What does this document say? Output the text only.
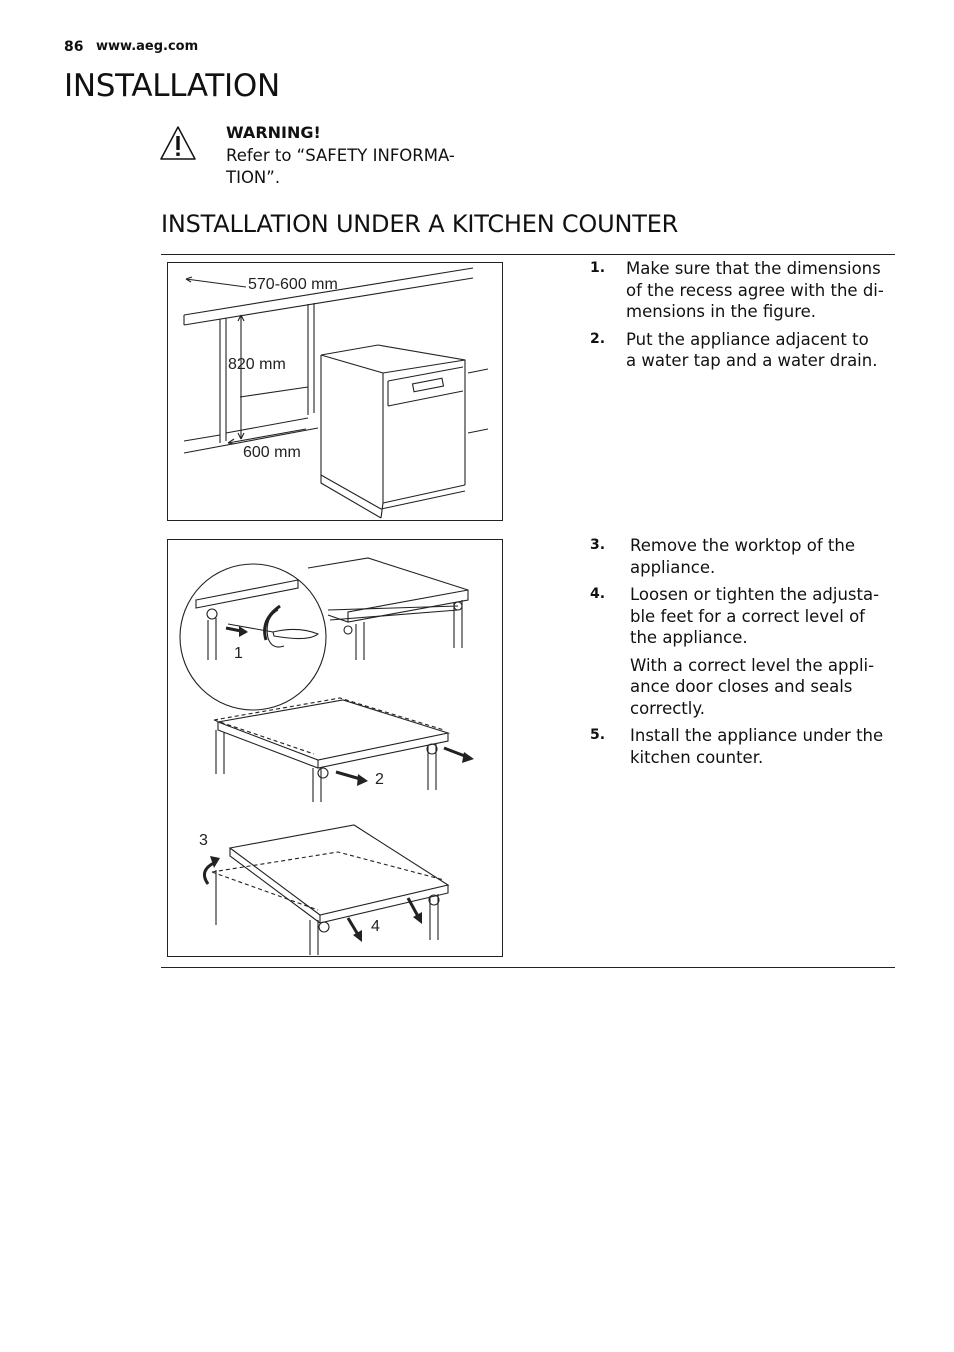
86 www.aeg.com
INSTALLATION
WARNING!
Refer to “SAFETY INFORMA-
TION”.
INSTALLATION UNDER A KITCHEN COUNTER
570-600 mm
820 mm
600 mm
1
2
3
4
1. Make sure that the dimensions
of the recess agree with the di-
mensions in the figure.
2. Put the appliance adjacent to
a water tap and a water drain.
3. Remove the worktop of the
appliance.
4. Loosen or tighten the adjusta-
ble feet for a correct level of
the appliance.
With a correct level the appli-
ance door closes and seals
correctly.
5. Install the appliance under the
kitchen counter.
